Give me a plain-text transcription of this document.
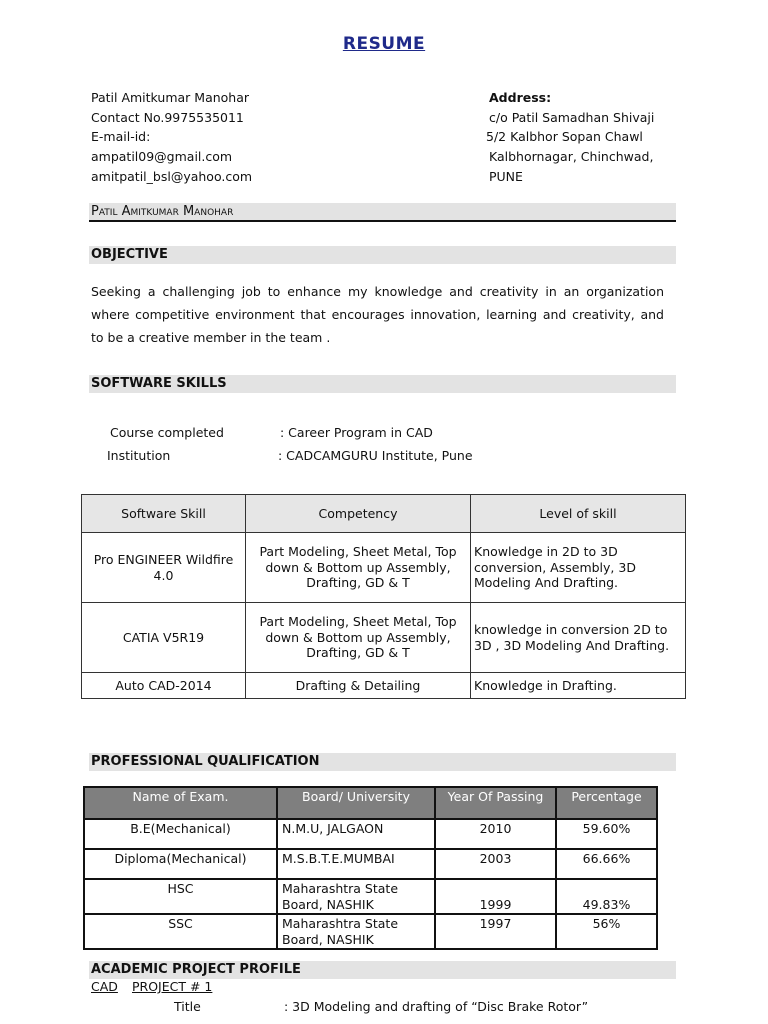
RESUME
Patil Amitkumar Manohar
Contact No.9975535011
E-mail-id:
ampatil09@gmail.com
amitpatil_bsl@yahoo.com
Address:
c/o Patil Samadhan Shivaji
5/2 Kalbhor Sopan Chawl
Kalbhornagar, Chinchwad,
PUNE
Patil Amitkumar Manohar
OBJECTIVE
Seeking a challenging job to enhance my knowledge and creativity in an organization where competitive environment that encourages innovation, learning and creativity, and to be a creative member in the team .
SOFTWARE SKILLS
Course completed	: Career Program in CAD
Institution	: CADCAMGURU Institute, Pune
Software Skill	Competency	Level of skill
Pro ENGINEER Wildfire 4.0	Part Modeling, Sheet Metal, Top down & Bottom up Assembly, Drafting, GD & T	Knowledge in 2D to 3D conversion, Assembly, 3D Modeling And Drafting.
CATIA V5R19	Part Modeling, Sheet Metal, Top down & Bottom up Assembly, Drafting, GD & T	knowledge in conversion 2D to 3D , 3D Modeling And Drafting.
Auto CAD-2014	Drafting & Detailing	Knowledge in Drafting.
PROFESSIONAL QUALIFICATION
Name of Exam.	Board/ University	Year Of Passing	Percentage
B.E(Mechanical)	N.M.U, JALGAON	2010	59.60%
Diploma(Mechanical)	M.S.B.T.E.MUMBAI	2003	66.66%
HSC	Maharashtra State Board, NASHIK	1999	49.83%
SSC	Maharashtra State Board, NASHIK	1997	56%
ACADEMIC PROJECT PROFILE
CAD PROJECT # 1
Title	: 3D Modeling and drafting of “Disc Brake Rotor”
